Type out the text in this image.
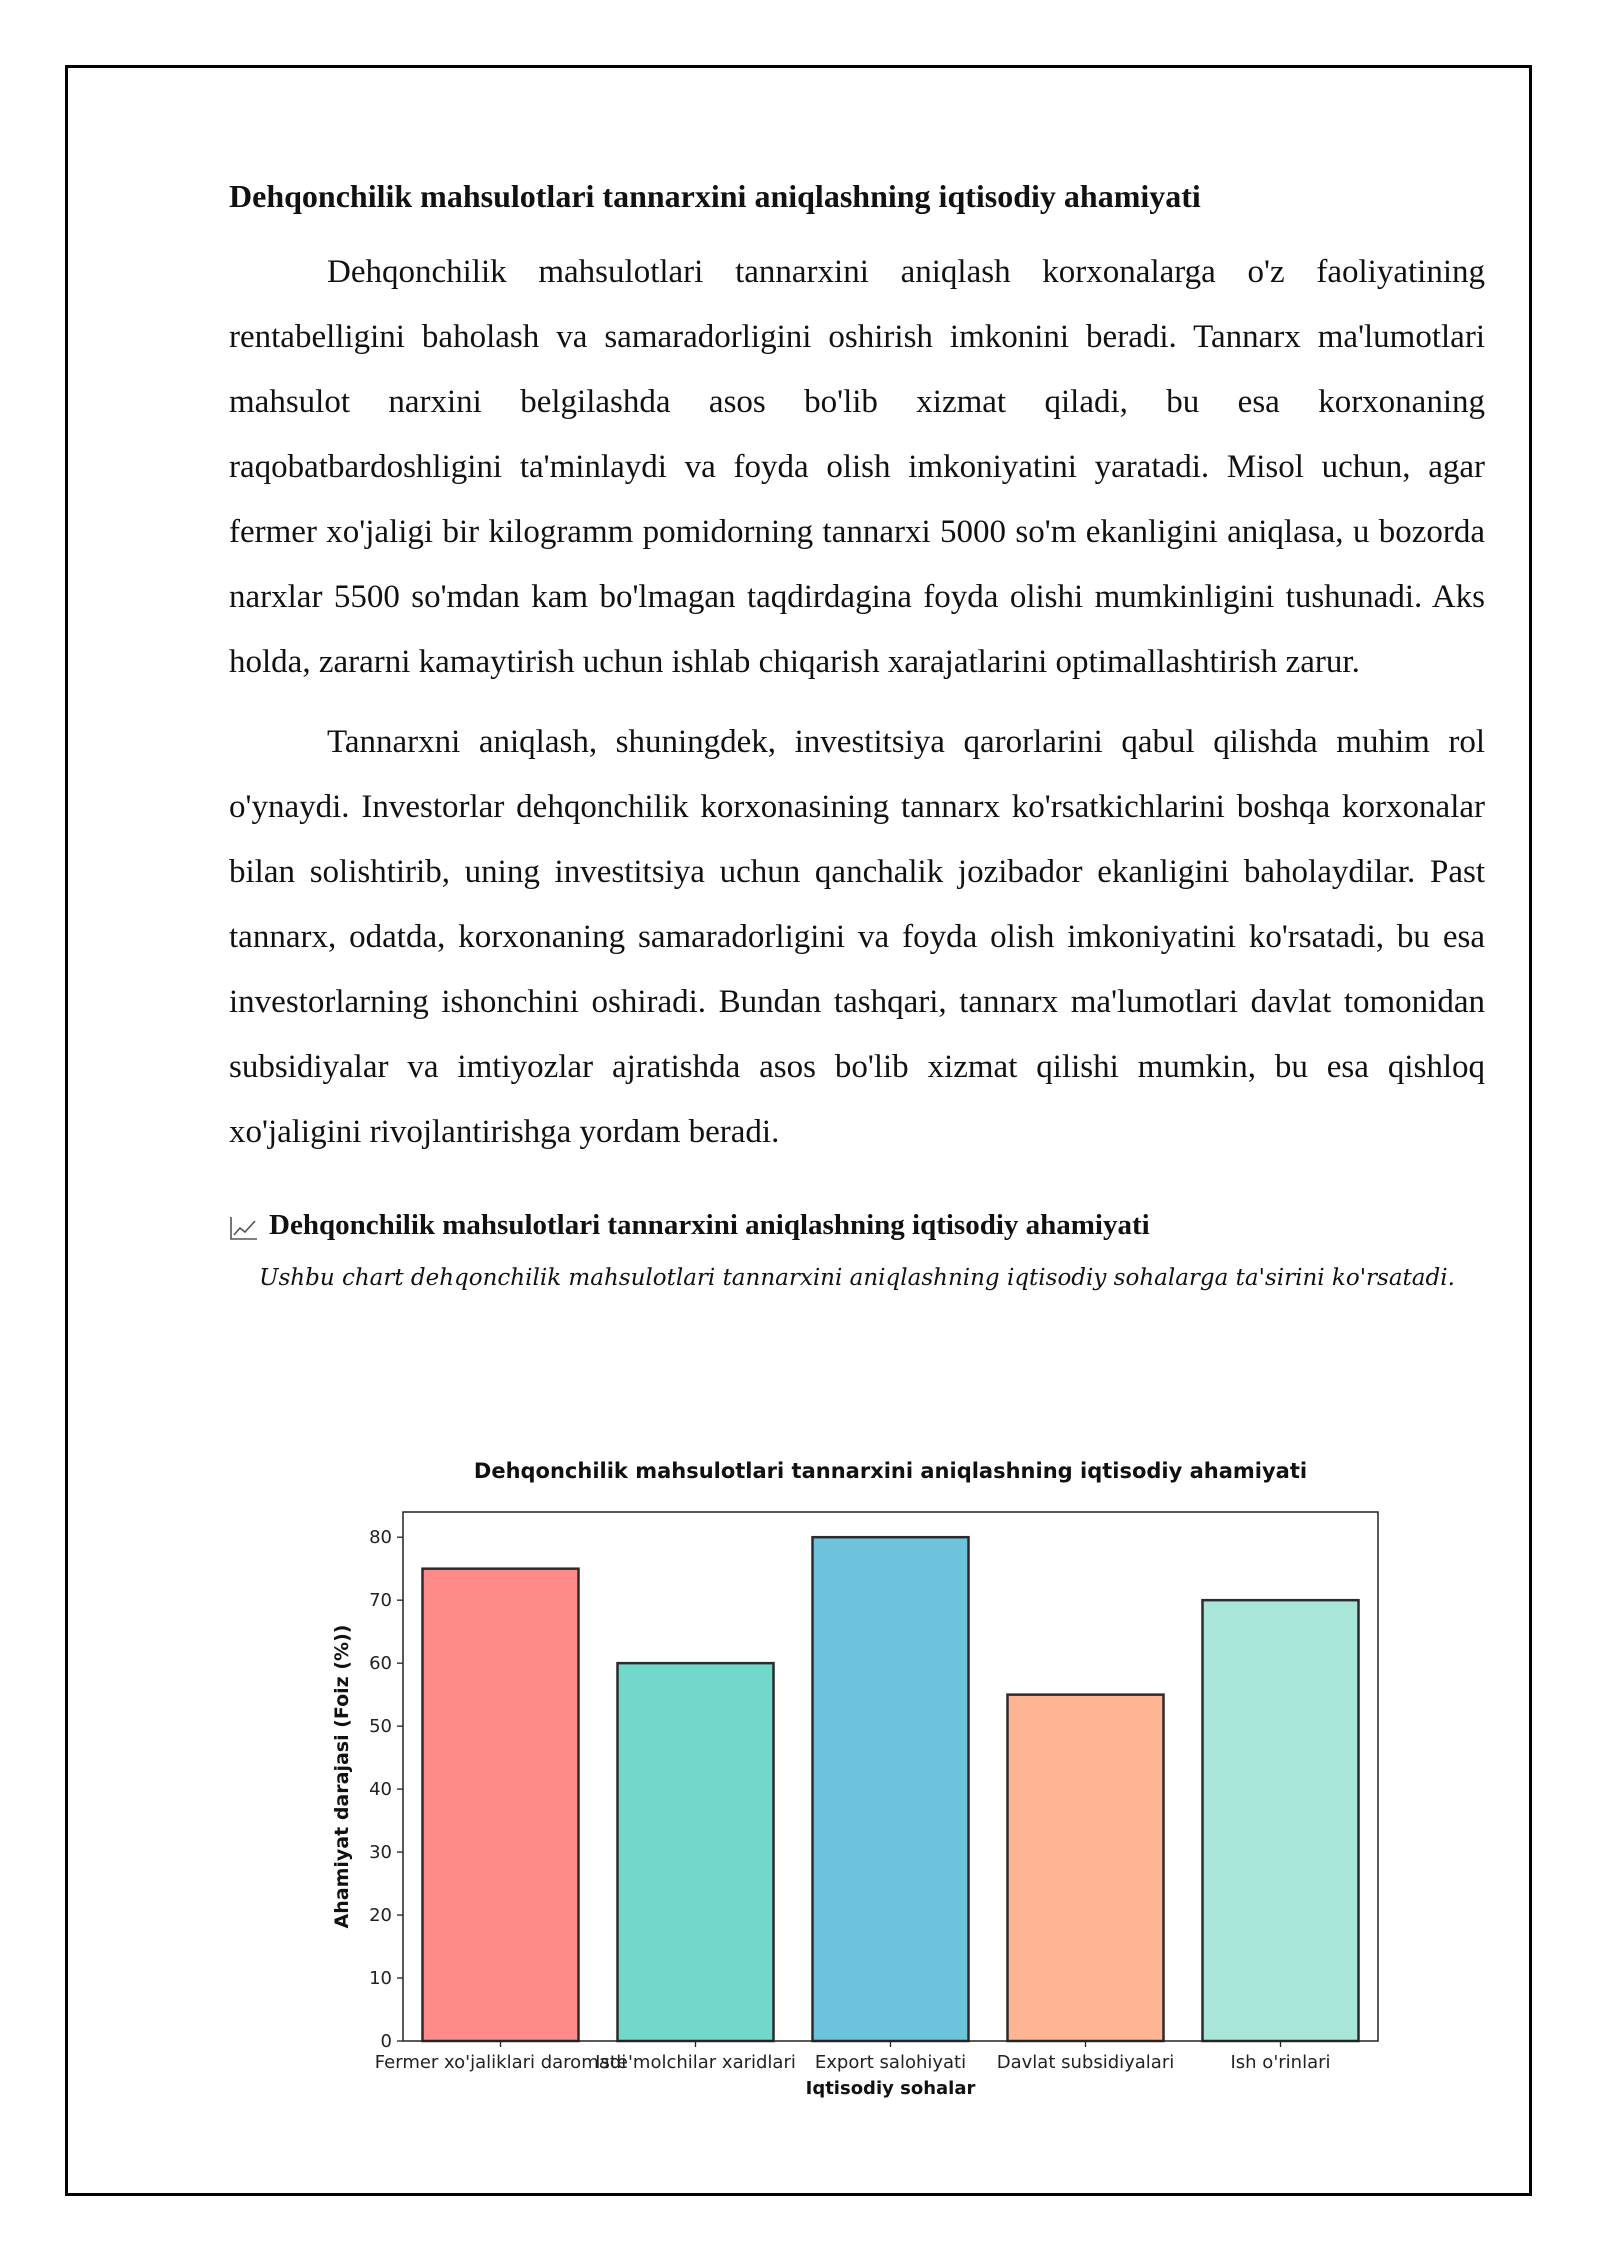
Dehqonchilik mahsulotlari tannarxini aniqlashning iqtisodiy ahamiyati

Dehqonchilik mahsulotlari tannarxini aniqlash korxonalarga o'z faoliyatining rentabelligini baholash va samaradorligini oshirish imkonini beradi. Tannarx ma'lumotlari mahsulot narxini belgilashda asos bo'lib xizmat qiladi, bu esa korxonaning raqobatbardoshligini ta'minlaydi va foyda olish imkoniyatini yaratadi. Misol uchun, agar fermer xo'jaligi bir kilogramm pomidorning tannarxi 5000 so'm ekanligini aniqlasa, u bozorda narxlar 5500 so'mdan kam bo'lmagan taqdirdagina foyda olishi mumkinligini tushunadi. Aks holda, zararni kamaytirish uchun ishlab chiqarish xarajatlarini optimallashtirish zarur.

Tannarxni aniqlash, shuningdek, investitsiya qarorlarini qabul qilishda muhim rol o'ynaydi. Investorlar dehqonchilik korxonasining tannarx ko'rsatkichlarini boshqa korxonalar bilan solishtirib, uning investitsiya uchun qanchalik jozibador ekanligini baholaydilar. Past tannarx, odatda, korxonaning samaradorligini va foyda olish imkoniyatini ko'rsatadi, bu esa investorlarning ishonchini oshiradi. Bundan tashqari, tannarx ma'lumotlari davlat tomonidan subsidiyalar va imtiyozlar ajratishda asos bo'lib xizmat qilishi mumkin, bu esa qishloq xo'jaligini rivojlantirishga yordam beradi.

Dehqonchilik mahsulotlari tannarxini aniqlashning iqtisodiy ahamiyati
Ushbu chart dehqonchilik mahsulotlari tannarxini aniqlashning iqtisodiy sohalarga ta'sirini ko'rsatadi.
Dehqonchilik mahsulotlari tannarxini aniqlashning iqtisodiy ahamiyati
Fermer xo'jaliklari daromadi
Iste'molchilar xaridlari Export salohiyati Davlat subsidiyalari	Ish o'rinlari
0
10
20
30
40
50
60
70
80
Iqtisodiy sohalar
Ahamiyat darajasi (Foiz (%))
